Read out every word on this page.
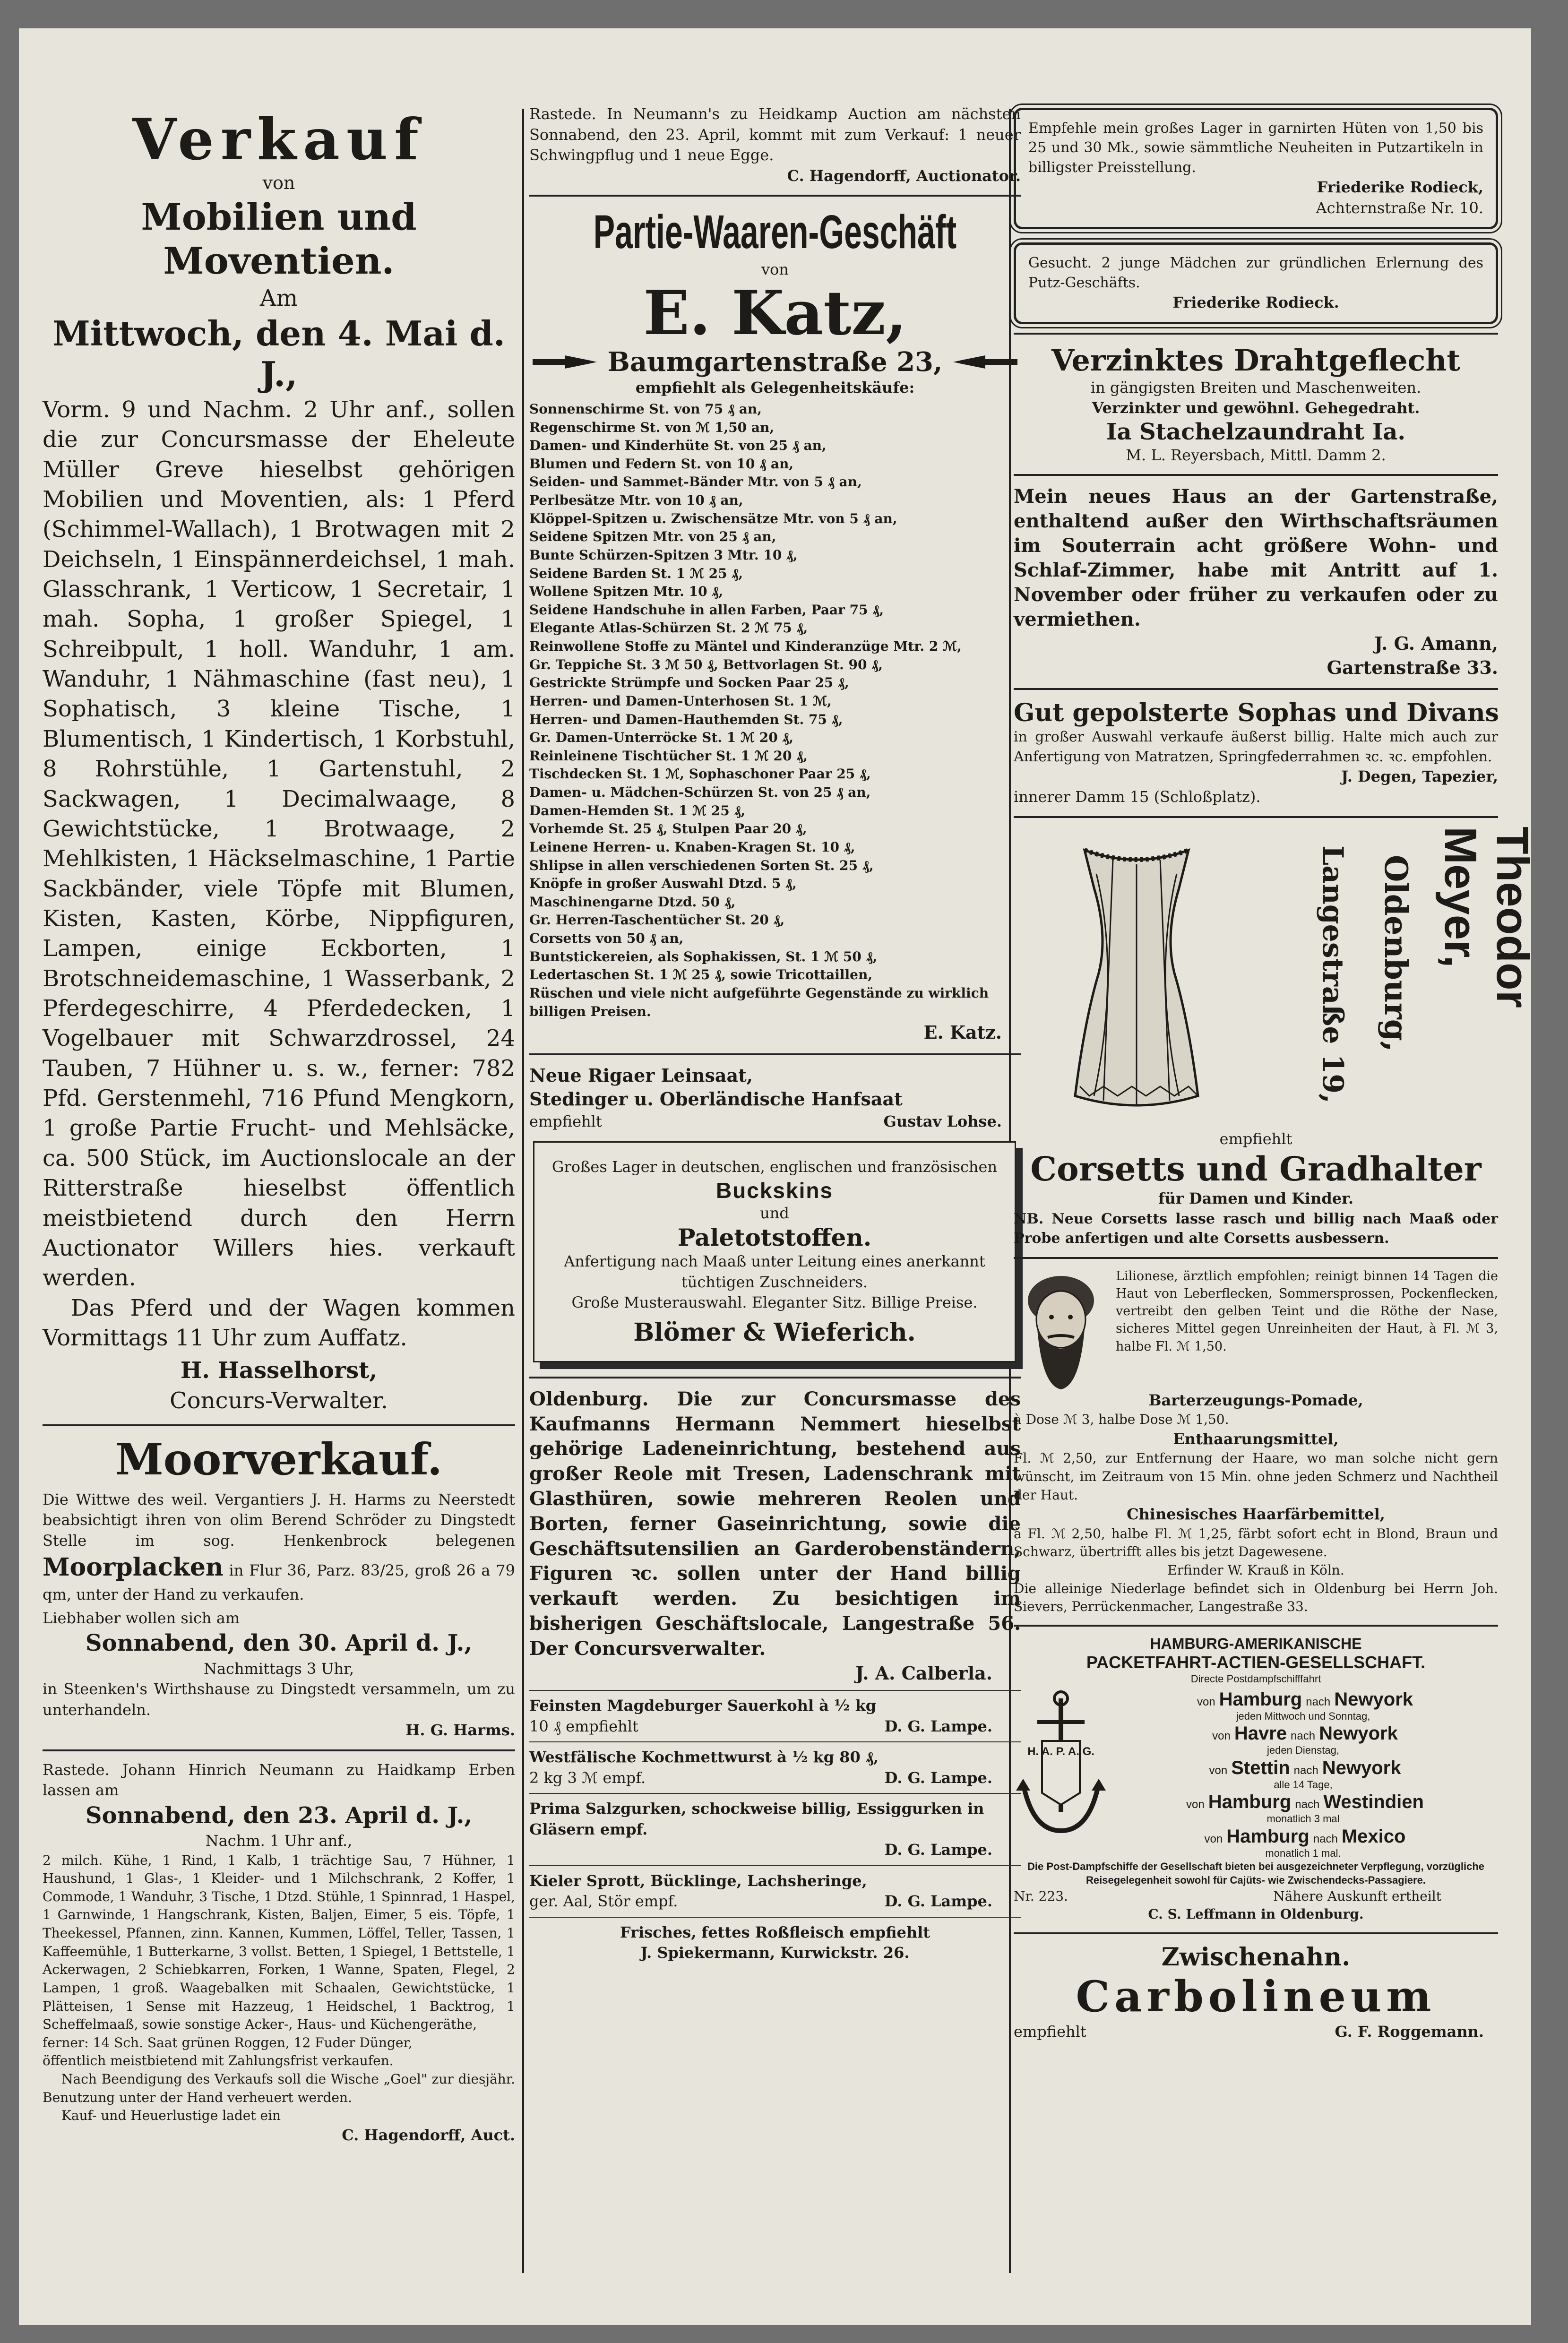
Verkauf
von
Mobilien und Moventien.
Am
Mittwoch, den 4. Mai d. J.,

Vorm. 9 und Nachm. 2 Uhr anf., sollen die zur Concursmasse der Eheleute Müller Greve hieselbst gehörigen Mobilien und Moventien, als: 1 Pferd (Schimmel-Wallach), 1 Brotwagen mit 2 Deichseln, 1 Einspännerdeichsel, 1 mah. Glasschrank, 1 Verticow, 1 Secretair, 1 mah. Sopha, 1 großer Spiegel, 1 Schreibpult, 1 holl. Wanduhr, 1 am. Wanduhr, 1 Nähmaschine (fast neu), 1 Sophatisch, 3 kleine Tische, 1 Blumentisch, 1 Kindertisch, 1 Korbstuhl, 8 Rohrstühle, 1 Gartenstuhl, 2 Sackwagen, 1 Decimalwaage, 8 Gewichtstücke, 1 Brotwaage, 2 Mehlkisten, 1 Häckselmaschine, 1 Partie Sackbänder, viele Töpfe mit Blumen, Kisten, Kasten, Körbe, Nippfiguren, Lampen, einige Eckborten, 1 Brotschneidemaschine, 1 Wasserbank, 2 Pferdegeschirre, 4 Pferdedecken, 1 Vogelbauer mit Schwarzdrossel, 24 Tauben, 7 Hühner u. s. w., ferner: 782 Pfd. Gerstenmehl, 716 Pfund Mengkorn, 1 große Partie Frucht- und Mehlsäcke, ca. 500 Stück, im Auctionslocale an der Ritterstraße hieselbst öffentlich meistbietend durch den Herrn Auctionator Willers hies. verkauft werden.

Das Pferd und der Wagen kommen Vormittags 11 Uhr zum Auffatz.

H. Hasselhorst,
Concurs-Verwalter.
Moorverkauf.

Die Wittwe des weil. Vergantiers J. H. Harms zu Neerstedt beabsichtigt ihren von olim Berend Schröder zu Dingstedt Stelle im sog. Henkenbrock belegenen Moorplacken in Flur 36, Parz. 83/25, groß 26 a 79 qm, unter der Hand zu verkaufen.

Liebhaber wollen sich am

Sonnabend, den 30. April d. J.,
Nachmittags 3 Uhr,

in Steenken's Wirthshause zu Dingstedt versammeln, um zu unterhandeln.

H. G. Harms.

Rastede. Johann Hinrich Neumann zu Haidkamp Erben lassen am

Sonnabend, den 23. April d. J.,
Nachm. 1 Uhr anf.,

2 milch. Kühe, 1 Rind, 1 Kalb, 1 trächtige Sau, 7 Hühner, 1 Haushund, 1 Glas-, 1 Kleider- und 1 Milchschrank, 2 Koffer, 1 Commode, 1 Wanduhr, 3 Tische, 1 Dtzd. Stühle, 1 Spinnrad, 1 Haspel, 1 Garnwinde, 1 Hangschrank, Kisten, Baljen, Eimer, 5 eis. Töpfe, 1 Theekessel, Pfannen, zinn. Kannen, Kummen, Löffel, Teller, Tassen, 1 Kaffeemühle, 1 Butterkarne, 3 vollst. Betten, 1 Spiegel, 1 Bettstelle, 1 Ackerwagen, 2 Schiebkarren, Forken, 1 Wanne, Spaten, Flegel, 2 Lampen, 1 groß. Waagebalken mit Schaalen, Gewichtstücke, 1 Plätteisen, 1 Sense mit Hazzeug, 1 Heidschel, 1 Backtrog, 1 Scheffelmaaß, sowie sonstige Acker-, Haus- und Küchengeräthe,

ferner: 14 Sch. Saat grünen Roggen, 12 Fuder Dünger,

öffentlich meistbietend mit Zahlungsfrist verkaufen.

Nach Beendigung des Verkaufs soll die Wische „Goel" zur diesjähr. Benutzung unter der Hand verheuert werden.

Kauf- und Heuerlustige ladet ein

C. Hagendorff, Auct.

Rastede. In Neumann's zu Heidkamp Auction am nächsten Sonnabend, den 23. April, kommt mit zum Verkauf: 1 neuer Schwingpflug und 1 neue Egge.

C. Hagendorff, Auctionator.
Partie-Waaren-Geschäft
von
E. Katz,
Baumgartenstraße 23,
empfiehlt als Gelegenheitskäufe:
Sonnenschirme St. von 75 ₰ an,
Regenschirme St. von ℳ 1,50 an,
Damen- und Kinderhüte St. von 25 ₰ an,
Blumen und Federn St. von 10 ₰ an,
Seiden- und Sammet-Bänder Mtr. von 5 ₰ an,
Perlbesätze Mtr. von 10 ₰ an,
Klöppel-Spitzen u. Zwischensätze Mtr. von 5 ₰ an,
Seidene Spitzen Mtr. von 25 ₰ an,
Bunte Schürzen-Spitzen 3 Mtr. 10 ₰,
Seidene Barden St. 1 ℳ 25 ₰,
Wollene Spitzen Mtr. 10 ₰,
Seidene Handschuhe in allen Farben, Paar 75 ₰,
Elegante Atlas-Schürzen St. 2 ℳ 75 ₰,
Reinwollene Stoffe zu Mäntel und Kinderanzüge Mtr. 2 ℳ,
Gr. Teppiche St. 3 ℳ 50 ₰, Bettvorlagen St. 90 ₰,
Gestrickte Strümpfe und Socken Paar 25 ₰,
Herren- und Damen-Unterhosen St. 1 ℳ,
Herren- und Damen-Hauthemden St. 75 ₰,
Gr. Damen-Unterröcke St. 1 ℳ 20 ₰,
Reinleinene Tischtücher St. 1 ℳ 20 ₰,
Tischdecken St. 1 ℳ, Sophaschoner Paar 25 ₰,
Damen- u. Mädchen-Schürzen St. von 25 ₰ an,
Damen-Hemden St. 1 ℳ 25 ₰,
Vorhemde St. 25 ₰, Stulpen Paar 20 ₰,
Leinene Herren- u. Knaben-Kragen St. 10 ₰,
Shlipse in allen verschiedenen Sorten St. 25 ₰,
Knöpfe in großer Auswahl Dtzd. 5 ₰,
Maschinengarne Dtzd. 50 ₰,
Gr. Herren-Taschentücher St. 20 ₰,
Corsetts von 50 ₰ an,
Buntstickereien, als Sophakissen, St. 1 ℳ 50 ₰,
Ledertaschen St. 1 ℳ 25 ₰, sowie Tricottaillen,
Rüschen und viele nicht aufgeführte Gegenstände zu wirklich billigen Preisen.
E. Katz.
Neue Rigaer Leinsaat,
Stedinger u. Oberländische Hanfsaat
empfiehlt	Gustav Lohse.
Großes Lager in deutschen, englischen und französischen
Buckskins
und
Paletotstoffen.
Anfertigung nach Maaß unter Leitung eines anerkannt tüchtigen Zuschneiders.
Große Musterauswahl. Eleganter Sitz. Billige Preise.
Blömer & Wieferich.

Oldenburg. Die zur Concursmasse des Kaufmanns Hermann Nemmert hieselbst gehörige Ladeneinrichtung, bestehend aus großer Reole mit Tresen, Ladenschrank mit Glasthüren, sowie mehreren Reolen und Borten, ferner Gaseinrichtung, sowie die Geschäftsutensilien an Garderobenständern, Figuren ꝛc. sollen unter der Hand billig verkauft werden. Zu besichtigen im bisherigen Geschäftslocale, Langestraße 56. Der Concursverwalter.

J. A. Calberla.
Feinsten Magdeburger Sauerkohl à ½ kg
10 ₰ empfiehlt	D. G. Lampe.
Westfälische Kochmettwurst à ½ kg 80 ₰,
2 kg 3 ℳ empf.	D. G. Lampe.
Prima Salzgurken, schockweise billig, Essiggurken in Gläsern empf.
D. G. Lampe.
Kieler Sprott, Bücklinge, Lachsheringe,
ger. Aal, Stör empf.	D. G. Lampe.
Frisches, fettes Roßfleisch empfiehlt
J. Spiekermann, Kurwickstr. 26.

Empfehle mein großes Lager in garnirten Hüten von 1,50 bis 25 und 30 Mk., sowie sämmtliche Neuheiten in Putzartikeln in billigster Preisstellung.

Friederike Rodieck,
Achternstraße Nr. 10.

Gesucht. 2 junge Mädchen zur gründlichen Erlernung des Putz-Geschäfts.

Friederike Rodieck.
Verzinktes Drahtgeflecht
in gängigsten Breiten und Maschenweiten.
Verzinkter und gewöhnl. Gehegedraht.
Ia Stachelzaundraht Ia.
M. L. Reyersbach, Mittl. Damm 2.

Mein neues Haus an der Gartenstraße, enthaltend außer den Wirthschaftsräumen im Souterrain acht größere Wohn- und Schlaf-Zimmer, habe mit Antritt auf 1. November oder früher zu verkaufen oder zu vermiethen.

J. G. Amann,
Gartenstraße 33.
Gut gepolsterte Sophas und Divans

in großer Auswahl verkaufe äußerst billig. Halte mich auch zur Anfertigung von Matratzen, Springfederrahmen ꝛc. ꝛc. empfohlen.

J. Degen, Tapezier,
innerer Damm 15 (Schloßplatz).
Theodor Meyer,
Oldenburg,
Langestraße 19,
empfiehlt
Corsetts und Gradhalter
für Damen und Kinder.

NB. Neue Corsetts lasse rasch und billig nach Maaß oder Probe anfertigen und alte Corsetts ausbessern.

Lilionese, ärztlich empfohlen; reinigt binnen 14 Tagen die Haut von Leberflecken, Sommersprossen, Pockenflecken, vertreibt den gelben Teint und die Röthe der Nase, sicheres Mittel gegen Unreinheiten der Haut, à Fl. ℳ 3, halbe Fl. ℳ 1,50.

Barterzeugungs-Pomade,
à Dose ℳ 3, halbe Dose ℳ 1,50.
Enthaarungsmittel,

Fl. ℳ 2,50, zur Entfernung der Haare, wo man solche nicht gern wünscht, im Zeitraum von 15 Min. ohne jeden Schmerz und Nachtheil der Haut.

Chinesisches Haarfärbemittel,

à Fl. ℳ 2,50, halbe Fl. ℳ 1,25, färbt sofort echt in Blond, Braun und Schwarz, übertrifft alles bis jetzt Dagewesene.

Erfinder W. Krauß in Köln.

Die alleinige Niederlage befindet sich in Oldenburg bei Herrn Joh. Sievers, Perrückenmacher, Langestraße 33.

HAMBURG-AMERIKANISCHE
PACKETFAHRT-ACTIEN-GESELLSCHAFT.
Directe Postdampfschifffahrt
H. A. P. A. G.
von Hamburg nach Newyork
jeden Mittwoch und Sonntag,
von Havre nach Newyork
jeden Dienstag,
von Stettin nach Newyork
alle 14 Tage,
von Hamburg nach Westindien
monatlich 3 mal
von Hamburg nach Mexico
monatlich 1 mal.

Die Post-Dampfschiffe der Gesellschaft bieten bei ausgezeichneter Verpflegung, vorzügliche Reisegelegenheit sowohl für Cajüts- wie Zwischendecks-Passagiere.

Nr. 223.	Nähere Auskunft ertheilt
C. S. Leffmann in Oldenburg.
Zwischenahn.
Carbolineum
empfiehlt	G. F. Roggemann.
